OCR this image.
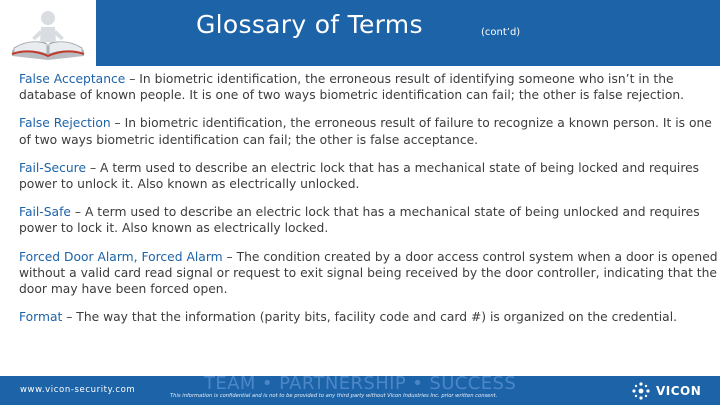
Glossary of Terms	(cont’d)

False Acceptance – In biometric identification, the erroneous result of identifying someone who isn’t in the database of known people. It is one of two ways biometric identification can fail; the other is false rejection.

False Rejection – In biometric identification, the erroneous result of failure to recognize a known person. It is one of two ways biometric identification can fail; the other is false acceptance.

Fail-Secure – A term used to describe an electric lock that has a mechanical state of being locked and requires power to unlock it. Also known as electrically unlocked.

Fail-Safe – A term used to describe an electric lock that has a mechanical state of being unlocked and requires power to lock it. Also known as electrically locked.

Forced Door Alarm, Forced Alarm – The condition created by a door access control system when a door is opened without a valid card read signal or request to exit signal being received by the door controller, indicating that the door may have been forced open.

Format – The way that the information (parity bits, facility code and card #) is organized on the credential.

www.vicon-security.com	TEAM • PARTNERSHIP • SUCCESS
This information is confidential and is not to be provided to any third party without Vicon Industries Inc. prior written consent.	VICON
